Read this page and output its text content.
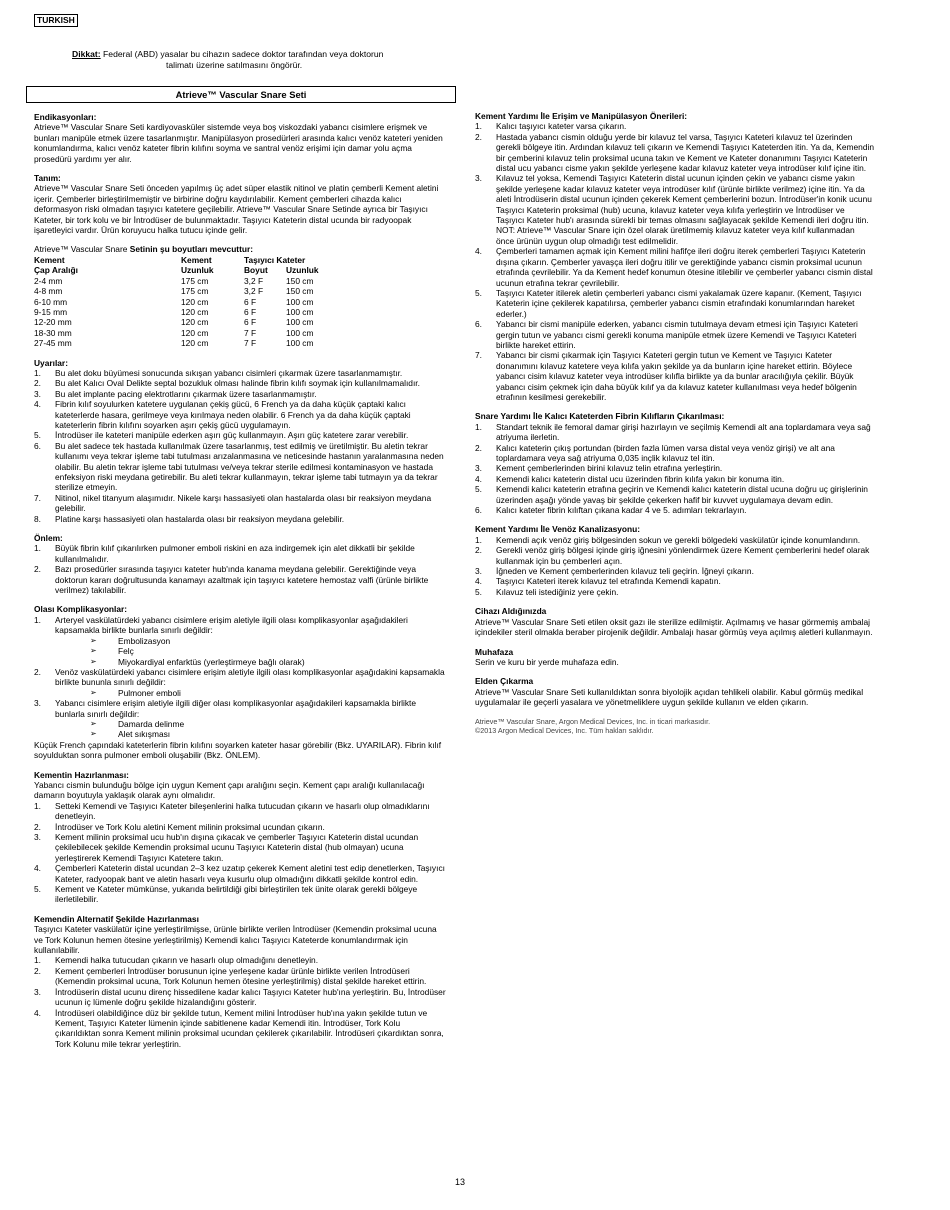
TURKISH
Dikkat: Federal (ABD) yasalar bu cihazın sadece doktor tarafından veya doktorun
talimatı üzerine satılmasını öngörür.
Atrieve™ Vascular Snare Seti
Endikasyonları:
Atrieve™ Vascular Snare Seti kardiyovasküler sistemde veya boş viskozdaki yabancı cisimlere erişmek ve bunları manipüle etmek üzere tasarlanmıştır. Manipülasyon prosedürleri arasında kalıcı venöz kateteri yeniden konumlandırma, kalıcı venöz kateter fibrin kılıfını soyma ve santral venöz erişimi için damar yolu açma prosedürü yardımı yer alır.
Tanım:
Atrieve™ Vascular Snare Seti önceden yapılmış üç adet süper elastik nitinol ve platin çemberli Kement aletini içerir. Çemberler birleştirilmemiştir ve birbirine doğru kaydırılabilir. Kement çemberleri cihazda kalıcı deformasyon riski olmadan taşıyıcı katetere geçilebilir. Atrieve™ Vascular Snare Setinde ayrıca bir Taşıyıcı Kateter, bir tork kolu ve bir İntrodüser de bulunmaktadır. Taşıyıcı Kateterin distal ucunda bir radyoopak işaretleyici vardır. Ürün koruyucu halka tutucu içinde gelir.
Atrieve™ Vascular Snare Setinin şu boyutları mevcuttur:
Kement	Kement	Taşıyıcı Kateter	
Çap Aralığı	Uzunluk	Boyut	Uzunluk
2-4 mm	175 cm	3,2 F	150 cm
4-8 mm	175 cm	3,2 F	150 cm
6-10 mm	120 cm	6 F	100 cm
9-15 mm	120 cm	6 F	100 cm
12-20 mm	120 cm	6 F	100 cm
18-30 mm	120 cm	7 F	100 cm
27-45 mm	120 cm	7 F	100 cm
Uyarılar:
1. Bu alet doku büyümesi sonucunda sıkışan yabancı cisimleri çıkarmak üzere tasarlanmamıştır.
2. Bu alet Kalıcı Oval Delikte septal bozukluk olması halinde fibrin kılıfı soymak için kullanılmamalıdır.
3. Bu alet implante pacing elektrotlarını çıkarmak üzere tasarlanmamıştır.
4. Fibrin kılıf soyulurken katetere uygulanan çekiş gücü, 6 French ya da daha küçük çaptaki kalıcı kateterlerde hasara, gerilmeye veya kırılmaya neden olabilir. 6 French ya da daha küçük çaptaki kateterlerin fibrin kılıfını soyarken aşırı çekiş gücü uygulamayın.
5. İntrodüser ile kateteri manipüle ederken aşırı güç kullanmayın. Aşırı güç katetere zarar verebilir.
6. Bu alet sadece tek hastada kullanılmak üzere tasarlanmış, test edilmiş ve üretilmiştir. Bu aletin tekrar kullanımı veya tekrar işleme tabi tutulması arızalanmasına ve neticesinde hastanın yaralanmasına neden olabilir. Bu aletin tekrar işleme tabi tutulması ve/veya tekrar sterile edilmesi kontaminasyon ve hastada enfeksiyon riski meydana getirebilir. Bu aleti tekrar kullanmayın, tekrar işleme tabi tutmayın ya da tekrar sterilize etmeyin.
7. Nitinol, nikel titanyum alaşımıdır. Nikele karşı hassasiyeti olan hastalarda olası bir reaksiyon meydana gelebilir.
8. Platine karşı hassasiyeti olan hastalarda olası bir reaksiyon meydana gelebilir.
Önlem:
1. Büyük fibrin kılıf çıkarılırken pulmoner emboli riskini en aza indirgemek için alet dikkatli bir şekilde kullanılmalıdır.
2. Bazı prosedürler sırasında taşıyıcı kateter hub'ında kanama meydana gelebilir. Gerektiğinde veya doktorun kararı doğrultusunda kanamayı azaltmak için taşıyıcı katetere hemostaz valfi (ürünle birlikte verilmez) takılabilir.
Olası Komplikasyonlar:
1. Arteryel vaskülatürdeki yabancı cisimlere erişim aletiyle ilgili olası komplikasyonlar aşağıdakileri kapsamakla birlikte bunlarla sınırlı değildir:
➢ Embolizasyon
➢ Felç
➢ Miyokardiyal enfarktüs (yerleştirmeye bağlı olarak)
2. Venöz vaskülatürdeki yabancı cisimlere erişim aletiyle ilgili olası komplikasyonlar aşağıdakini kapsamakla birlikte bununla sınırlı değildir:
➢ Pulmoner emboli
3. Yabancı cisimlere erişim aletiyle ilgili diğer olası komplikasyonlar aşağıdakileri kapsamakla birlikte bunlarla sınırlı değildir:
➢ Damarda delinme
➢ Alet sıkışması
Küçük French çapındaki kateterlerin fibrin kılıfını soyarken kateter hasar görebilir (Bkz. UYARILAR). Fibrin kılıf soyulduktan sonra pulmoner emboli oluşabilir (Bkz. ÖNLEM).
Kementin Hazırlanması:
Yabancı cismin bulunduğu bölge için uygun Kement çapı aralığını seçin. Kement çapı aralığı kullanılacağı damarın boyutuyla yaklaşık olarak aynı olmalıdır.
1. Setteki Kemendi ve Taşıyıcı Kateter bileşenlerini halka tutucudan çıkarın ve hasarlı olup olmadıklarını denetleyin.
2. İntrodüser ve Tork Kolu aletini Kement milinin proksimal ucundan çıkarın.
3. Kement milinin proksimal ucu hub'ın dışına çıkacak ve çemberler Taşıyıcı Kateterin distal ucundan çekilebilecek şekilde Kemendin proksimal ucunu Taşıyıcı Kateterin distal (hub olmayan) ucuna yerleştirerek Kemendi Taşıyıcı Katetere takın.
4. Çemberleri Kateterin distal ucundan 2–3 kez uzatıp çekerek Kement aletini test edip denetlerken, Taşıyıcı Kateter, radyoopak bant ve aletin hasarlı veya kusurlu olup olmadığını dikkatli şekilde kontrol edin.
5. Kement ve Kateter mümkünse, yukarıda belirtildiği gibi birleştirilen tek ünite olarak gerekli bölgeye ilerletilebilir.
Kemendin Alternatif Şekilde Hazırlanması
Taşıyıcı Kateter vaskülatür içine yerleştirilmişse, ürünle birlikte verilen İntrodüser (Kemendin proksimal ucuna ve Tork Kolunun hemen ötesine yerleştirilmiş) Kemendi kalıcı Taşıyıcı Kateterde konumlandırmak için kullanılabilir.
1. Kemendi halka tutucudan çıkarın ve hasarlı olup olmadığını denetleyin.
2. Kement çemberleri İntrodüser borusunun içine yerleşene kadar ürünle birlikte verilen İntrodüseri (Kemendin proksimal ucuna, Tork Kolunun hemen ötesine yerleştirilmiş) distal şekilde hareket ettirin.
3. İntrodüserin distal ucunu direnç hissedilene kadar kalıcı Taşıyıcı Kateter hub'ına yerleştirin. Bu, İntrodüser ucunun iç lümenle doğru şekilde hizalandığını gösterir.
4. İntrodüseri olabildiğince düz bir şekilde tutun, Kement milini İntrodüser hub'ına yakın şekilde tutun ve Kement, Taşıyıcı Kateter lümenin içinde sabitlenene kadar Kemendi itin. İntrodüser, Tork Kolu çıkarıldıktan sonra Kement milinin proksimal ucundan çekilerek çıkarılabilir. İntrodüseri çıkardıktan sonra, Tork Kolunu mile tekrar yerleştirin.
Kement Yardımı İle Erişim ve Manipülasyon Önerileri:
1. Kalıcı taşıyıcı kateter varsa çıkarın.
2. Hastada yabancı cismin olduğu yerde bir kılavuz tel varsa, Taşıyıcı Kateteri kılavuz tel üzerinden gerekli bölgeye itin. Ardından kılavuz teli çıkarın ve Kemendi Taşıyıcı Kateterden itin. Ya da, Kemendin bir çemberini kılavuz telin proksimal ucuna takın ve Kement ve Kateter donanımını Taşıyıcı Kateterin distal ucu yabancı cisme yakın şekilde yerleşene kadar kılavuz kateter veya introdüser kılıf içine itin.
3. Kılavuz tel yoksa, Kemendi Taşıyıcı Kateterin distal ucunun içinden çekin ve yabancı cisme yakın şekilde yerleşene kadar kılavuz kateter veya introdüser kılıf (ürünle birlikte verilmez) içine itin. Ya da aleti İntrodüserin distal ucunun içinden çekerek Kement çemberlerini bozun. İntrodüser'in konik ucunu Taşıyıcı Kateterin proksimal (hub) ucuna, kılavuz kateter veya kılıfa yerleştirin ve İntrodüser ve Taşıyıcı Kateter hub'ı arasında sürekli bir temas olmasını sağlayacak şekilde Kemendi ileri doğru itin.
NOT: Atrieve™ Vascular Snare için özel olarak üretilmemiş kılavuz kateter veya kılıf kullanmadan önce ürünün uygun olup olmadığı test edilmelidir.
4. Çemberleri tamamen açmak için Kement milini hafifçe ileri doğru iterek çemberleri Taşıyıcı Kateterin dışına çıkarın. Çemberler yavaşça ileri doğru itilir ve gerektiğinde yabancı cismin proksimal ucunun etrafında çevrilebilir. Ya da Kement hedef konumun ötesine itilebilir ve çemberler yabancı cismin distal ucunun etrafına tekrar çevrilebilir.
5. Taşıyıcı Kateter itilerek aletin çemberleri yabancı cismi yakalamak üzere kapanır. (Kement, Taşıyıcı Kateterin içine çekilerek kapatılırsa, çemberler yabancı cismin etrafındaki konumlarından hareket ederler.)
6. Yabancı bir cismi manipüle ederken, yabancı cismin tutulmaya devam etmesi için Taşıyıcı Kateteri gergin tutun ve yabancı cismi gerekli konuma manipüle etmek üzere Kemendi ve Taşıyıcı Kateteri birlikte hareket ettirin.
7. Yabancı bir cismi çıkarmak için Taşıyıcı Kateteri gergin tutun ve Kement ve Taşıyıcı Kateter donanımını kılavuz katetere veya kılıfa yakın şekilde ya da bunların içine hareket ettirin. Böylece yabancı cisim kılavuz kateter veya introdüser kılıfla birlikte ya da bunlar aracılığıyla çekilir. Büyük yabancı cisim çekmek için daha büyük kılıf ya da kılavuz kateter kullanılması veya hedef bölgenin etrafının kesilmesi gerekebilir.
Snare Yardımı İle Kalıcı Kateterden Fibrin Kılıfların Çıkarılması:
1. Standart teknik ile femoral damar girişi hazırlayın ve seçilmiş Kemendi alt ana toplardamara veya sağ atriyuma ilerletin.
2. Kalıcı kateterin çıkış portundan (birden fazla lümen varsa distal veya venöz girişi) ve alt ana toplardamara veya sağ atriyuma 0,035 inçlik kılavuz tel itin.
3. Kement çemberlerinden birini kılavuz telin etrafına yerleştirin.
4. Kemendi kalıcı kateterin distal ucu üzerinden fibrin kılıfa yakın bir konuma itin.
5. Kemendi kalıcı kateterin etrafına geçirin ve Kemendi kalıcı kateterin distal ucuna doğru uç girişlerinin üzerinden aşağı yönde yavaş bir şekilde çekerken hafif bir kuvvet uygulamaya devam edin.
6. Kalıcı kateter fibrin kılıftan çıkana kadar 4 ve 5. adımları tekrarlayın.
Kement Yardımı İle Venöz Kanalizasyonu:
1. Kemendi açık venöz giriş bölgesinden sokun ve gerekli bölgedeki vaskülatür içinde konumlandırın.
2. Gerekli venöz giriş bölgesi içinde giriş iğnesini yönlendirmek üzere Kement çemberlerini hedef olarak kullanmak için bu çemberleri açın.
3. İğneden ve Kement çemberlerinden kılavuz teli geçirin. İğneyi çıkarın.
4. Taşıyıcı Kateteri iterek kılavuz tel etrafında Kemendi kapatın.
5. Kılavuz teli istediğiniz yere çekin.
Cihazı Aldığınızda
Atrieve™ Vascular Snare Seti etilen oksit gazı ile sterilize edilmiştir. Açılmamış ve hasar görmemiş ambalaj içindekiler steril olmakla beraber pirojenik değildir. Ambalajı hasar görmüş veya açılmış aletleri kullanmayın.
Muhafaza
Serin ve kuru bir yerde muhafaza edin.
Elden Çıkarma
Atrieve™ Vascular Snare Seti kullanıldıktan sonra biyolojik açıdan tehlikeli olabilir. Kabul görmüş medikal uygulamalar ile geçerli yasalara ve yönetmeliklere uygun şekilde kullanın ve elden çıkarın.
Atrieve™ Vascular Snare, Argon Medical Devices, Inc. in ticari markasıdır.
©2013 Argon Medical Devices, Inc. Tüm hakları saklıdır.
13
